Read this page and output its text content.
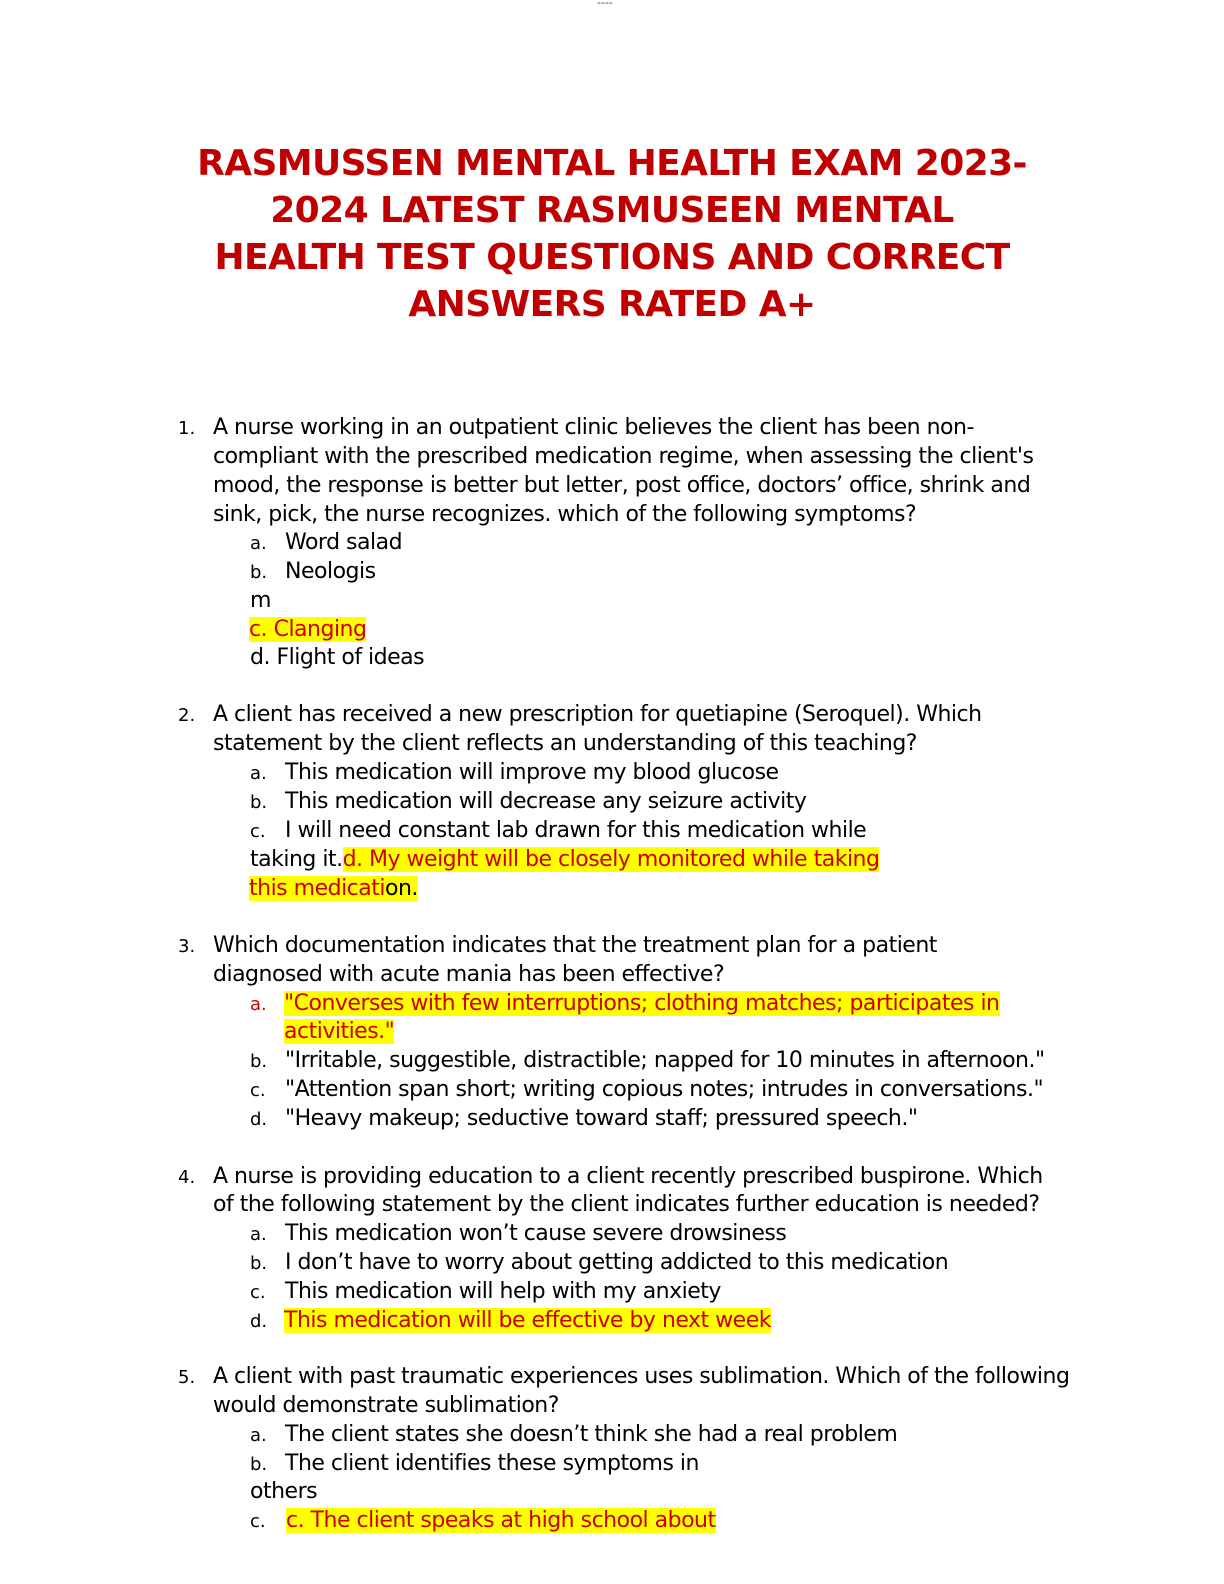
----
RASMUSSEN MENTAL HEALTH EXAM 2023-
2024 LATEST RASMUSEEN MENTAL
HEALTH TEST QUESTIONS AND CORRECT
ANSWERS RATED A+
1. A nurse working in an outpatient clinic believes the client has been non-
compliant with the prescribed medication regime, when assessing the client's
mood, the response is better but letter, post office, doctors’ office, shrink and
sink, pick, the nurse recognizes. which of the following symptoms?
a. Word salad
b. Neologis
m
c. Clanging
d. Flight of ideas
2. A client has received a new prescription for quetiapine (Seroquel). Which
statement by the client reflects an understanding of this teaching?
a. This medication will improve my blood glucose
b. This medication will decrease any seizure activity
c. I will need constant lab drawn for this medication while
taking it.d. My weight will be closely monitored while taking
this medication.
3. Which documentation indicates that the treatment plan for a patient
diagnosed with acute mania has been effective?
a. "Converses with few interruptions; clothing matches; participates in
activities."
b. "Irritable, suggestible, distractible; napped for 10 minutes in afternoon."
c. "Attention span short; writing copious notes; intrudes in conversations."
d. "Heavy makeup; seductive toward staff; pressured speech."
4. A nurse is providing education to a client recently prescribed buspirone. Which
of the following statement by the client indicates further education is needed?
a. This medication won’t cause severe drowsiness
b. I don’t have to worry about getting addicted to this medication
c. This medication will help with my anxiety
d. This medication will be effective by next week
5. A client with past traumatic experiences uses sublimation. Which of the following
would demonstrate sublimation?
a. The client states she doesn’t think she had a real problem
b. The client identifies these symptoms in
others
c. c. The client speaks at high school about
